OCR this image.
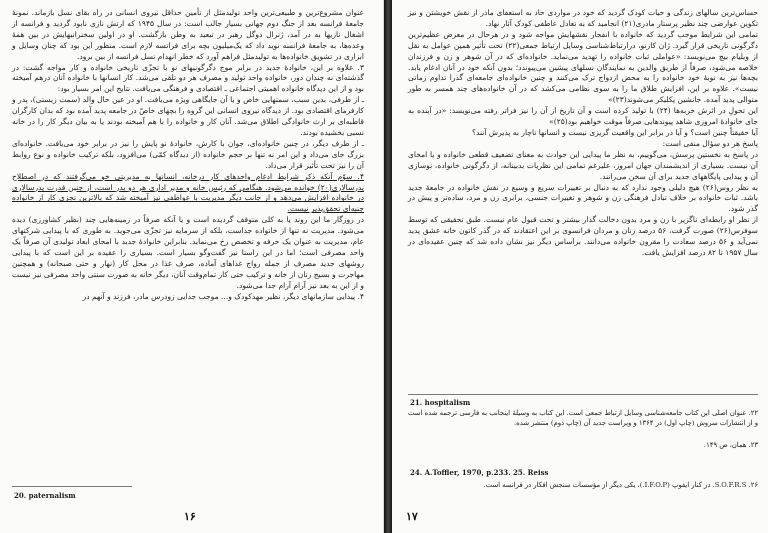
عنوان مشروع‌ترین و طبیعی‌ترین واحد تولیدمثل از تأمین حداقل نیروی انسانی در راه بقای نسل بازماند. نمونهٔ جامعهٔ فرانسه بعد از جنگ دوم جهانی بسیار جالب است: در سال ۱۹۴۵ که ارتش نازی نابود گردید و فرانسه از اشغال نازیها به در آمد، ژنرال دوگل رهبر در تبعید به وطن بازگشت. او در اولین سخنرانیهایش در بین همهٔ وعده‌ها، به جامعهٔ فرانسه نوید داد که یک‌میلیون بچه برای فرانسه لازم است. منظور این بود که چنان وسایل و ابزاری در تشویق خانواده‌ها به تولیدمثل فراهم آورد که خطر انهدام نسل فرانسه از بین برود.

۳. علاوه بر این، خانوادهٔ جدید در برابر موج دگرگونیهای نو با تجزّی تاریخی خانواده و کار مواجه گشت: در گذشته‌ای نه چندان دور، خانواده واحد تولید و مصرف هر دو تلقی می‌شد. کار انسانها با خانواده آنان درهم آمیخته بود و از این دیدگاه خانواده اهمیتی اجتماعی ـ اقتصادی و فرهنگی می‌یافت. نتایج این امر بسیار بود:

ـ از طرفی، بدین سبب، سمتهایی خاص و یا آن جایگاهی ویژه می‌یافت. او در عین حال والد (سمت زیستی)، پدر و کارفرمای اقتصادی بود. از دیدگاه نیروی انسانی این گروه را بچهای خاصّ در جامعه پدید آمده بود که بدان کارگران قاطبه‌ای بر ارث خانوادگی اطلاق می‌شد. آنان کار و خانواده را با هم آمیخته بودند یا به بیان دیگر کار را در خانه نسبی بخشیده بودند.

ـ از طرف دیگر، در چنین خانواده‌ای، جوان با کارش، خانوادهٔ نو پایش را نیز در برابر خود می‌یافت. خانواده‌ای بزرگ جای می‌داد و این امر نه تنها بر حجم خانواده (از دیدگاه کمّی) می‌افزود، بلکه ترکیب خانواده و نوع روابط آن را نیز تحت تأثیر قرار می‌داد.

۴. سوّم آنکه ذکر شرایط ادغام واحدهای کار درخانه، انسانها به مدیریتی خو می‌گرفتند که در اصطلاح پدرسالاری(۲۰) خوانده می‌شود. هنگامی که رئیس خانه و مدیر اداری هر دو پدر است، از چنین قدرت پدرسالاری در خانواده افزایش می‌دهد و از جانب دیگر مدیریت با عواطفی نیز آمیخته شد که بالاترین تجزی کار از خانواده جنبه‌ای تحقق‌پذیر نیست.

در روزگار ما این روند یا به کلی متوقف گردیده است و یا آنکه صرفاً در زمینه‌هایی چند (نظیر کشاورزی) دیده می‌شود. مدیریت نه تنها از خانواده جداست، بلکه از سرمایه نیز تجزّی می‌جوید. به طوری که با پیدایی شرکتهای عام، مدیریت به عنوان یک حرفه و تخصص رخ می‌نماید. بنابراین خانوادهٔ جدید با امحای ابعاد تولیدی آن صرفاً یک واحد مصرفی است؛ اما در این راستا نیز گفت‌وگو بسیار است. بسیاری را عقیده بر این است که با پیدایی روشهای جدید مصرف از جمله رواج غذاهای آماده، صرف غذا در محل کار (نهار و حتی صبحانه) و همچنین مهاجرت و بسیج زنان از خانه و ترکیب حتی کار تمام‌وقت آنان، دیگر خانه به صورت سنتی واحد مصرفی نیز نیست و از این به بعد نیز آرام آرام جدا می‌شود.

۴. پیدایی سازمانهای دیگر، نظیر مهدکودک و... موجب جدایی زودرس مادر، فرزند و آنهم در

20. paternalism
۱۶

حساس‌ترین سالهای زندگی و حیات کودک گردید که خود در مواردی حاد به استعفای مادر از نقش خویشتن و نیز تکوین عوارضی چند نظیر پرستار مادری(۲۱) انجامید که به تعادل عاطفی کودک آثار نهاد.

تمامی این شرایط موجب گردید که خانواده با انفجار نقشهایش مواجه شود و در هرحال در معرض عظیم‌ترین دگرگونی تاریخی قرار گیرد. ژان کازنو، درارتباط‌شناسی وسایل ارتباط جمعی(۲۲) تحت تأثیر همین عوامل به نقل از ویلیام بیچ می‌نویسد: «عواملی ثبات خانواده را تهدید می‌نماید. خانواده‌ای که در آن شوهر و زن و فرزندان خلاصه می‌شود، صرفاً از طریق والدین به نمایندگان نسلهای پیشین می‌پیوندد؛ بدون آنکه خود در آنان ادغام یابد. بچه‌ها نیز به نوبهٔ خود خانواده را به محض ازدواج ترک می‌کنند و چنین خانواده‌ای جامعه‌ای گذرا تداوم زمانی نیست». علاوه بر این، افزایش طلاق ما را به سوی نظامی می‌کشد که در آن خانواده‌های چند همسر به طور متوالی پدید آمده. جانشین پکلیکر می‌شوند(۲۳)»

این تحولِ در اثرش خربه‌‌ها (۲۴) با تولید کرده است و آن تاریخ از آن را نیز فراتر رفته می‌نویسد: «در آینده به جای خانوادهٔ امروزی شاهد پیوندهایی صرفاً موقت خواهیم بود(۲۵)»

آیا حقیقتاً چنین است؟ و آیا در برابر این واقعیت گریزی نیست و انسانها ناچار به پذیرش آنند؟

پاسخ هر دو سؤال منفی است:

در پاسخ به نخستین پرسش، می‌گوییم، به نظر ما پیدایی این حوادث به معنای تضعیف قطعی خانواده و یا امحای آن نیست. بسیاری از اندیشمندان جهان امروز، علیرغم تمامی این نظریات بدبینانه، از دگرگونی خانواده، نوسازی آن و پیدایی پایگاههای جدید برای آن سخن می‌رانند.

به نظر روس(۲۶) هیچ دلیلی وجود ندارد که به دنبال بر تغییرات سریع و وسیع در نقش خانواده در جامعهٔ جدید باشد. ثبات خانواده بر خلاف تبادل فرهنگی زن و شوهر و تغییرات جنسی، برابری زن و مرد، ساده‌تر و پیش در گذر شود.

از نظر او رابطه‌ای ناگزیر با زن و مرد بدون دخالت گذار بیشتر و تحت قبول عام نیست. طبق تحقیقی که توسط سوفرس(۲۶) صورت گرفت، ۵۶ درصد زنان و مردان فرانسوی بر این اعتقادند که در گذر کانون خانه عشق پدید نمی‌آید و ۵۶ درصد سعادت را مقرون خانواده می‌دانند. براساس دیگر نیز ‌نشان داده شد که چنین عقیده‌ای در سال ۱۹۵۷ تا ۸۲ درصد افزایش یافت.

21. hospitalism
۲۲. عنوان اصلی این کتاب جامعه‌شناسی وسایل ارتباط جمعی است. این کتاب به وسیلهٔ اینجانب به فارسی ترجمه شده است و از انتشارات سروش (چاپ اول) در ۱۳۶۴ و ویراست جدید آن (چاپ دوم) منتشر شده.
۲۳. همان، ص ۱۴۹.
24. A.Toffler, 1970, p.233. 25. Reiss
۲۶. S.O.F.R.S. در کنار ایفوپ (I.F.O.P.)، یکی دیگر از مؤسسات سنجش افکار در فرانسه است.
۱۷
